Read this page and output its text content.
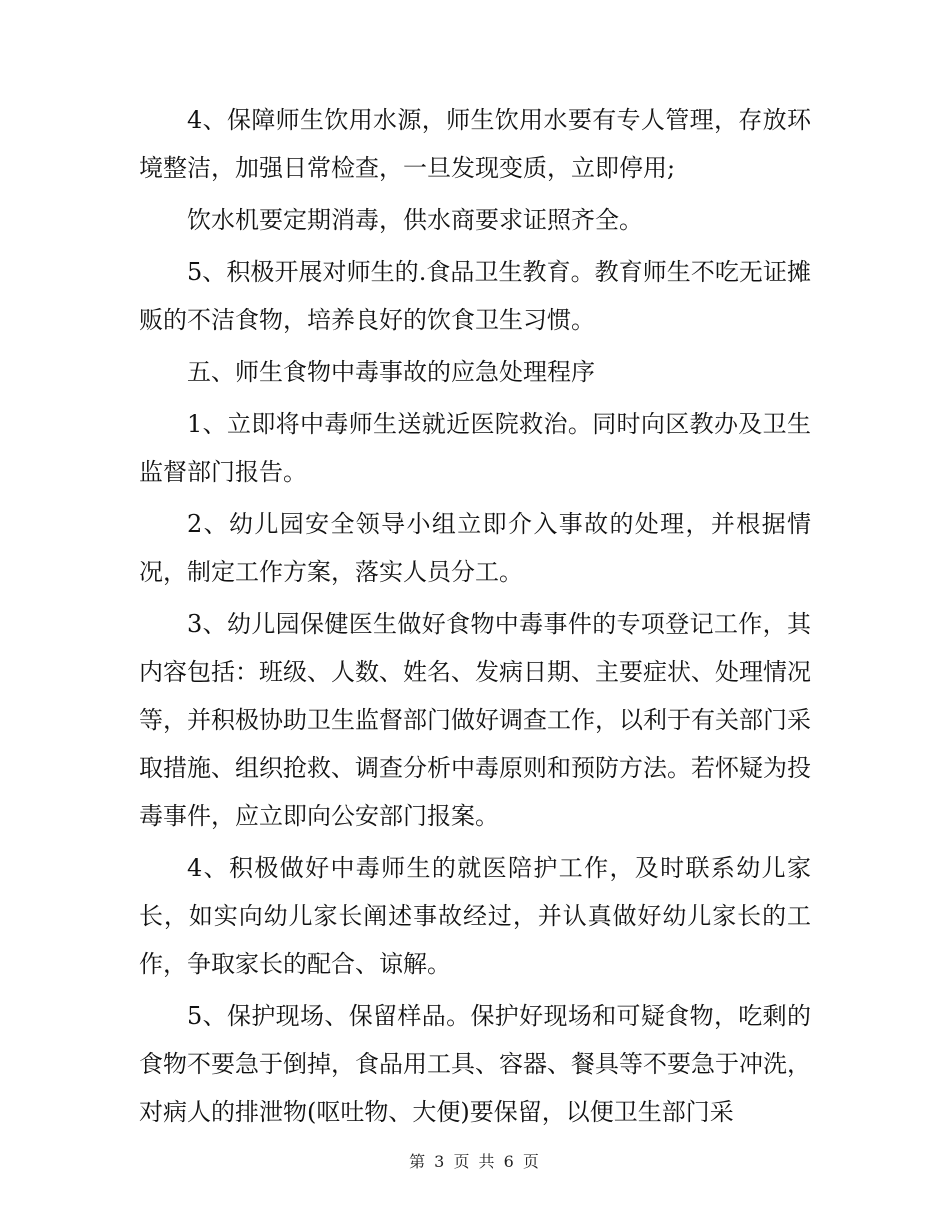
4、保障师生饮用水源，师生饮用水要有专人管理，存放环境整洁，加强日常检查，一旦发现变质，立即停用;

饮水机要定期消毒，供水商要求证照齐全。

5、积极开展对师生的.食品卫生教育。教育师生不吃无证摊贩的不洁食物，培养良好的饮食卫生习惯。

五、师生食物中毒事故的应急处理程序

1、立即将中毒师生送就近医院救治。同时向区教办及卫生监督部门报告。

2、幼儿园安全领导小组立即介入事故的处理，并根据情况，制定工作方案，落实人员分工。

3、幼儿园保健医生做好食物中毒事件的专项登记工作，其内容包括：班级、人数、姓名、发病日期、主要症状、处理情况等，并积极协助卫生监督部门做好调查工作，以利于有关部门采取措施、组织抢救、调查分析中毒原则和预防方法。若怀疑为投毒事件，应立即向公安部门报案。

4、积极做好中毒师生的就医陪护工作，及时联系幼儿家长，如实向幼儿家长阐述事故经过，并认真做好幼儿家长的工作，争取家长的配合、谅解。

5、保护现场、保留样品。保护好现场和可疑食物，吃剩的食物不要急于倒掉，食品用工具、容器、餐具等不要急于冲洗，对病人的排泄物(呕吐物、大便)要保留，以便卫生部门采

第 3 页 共 6 页
